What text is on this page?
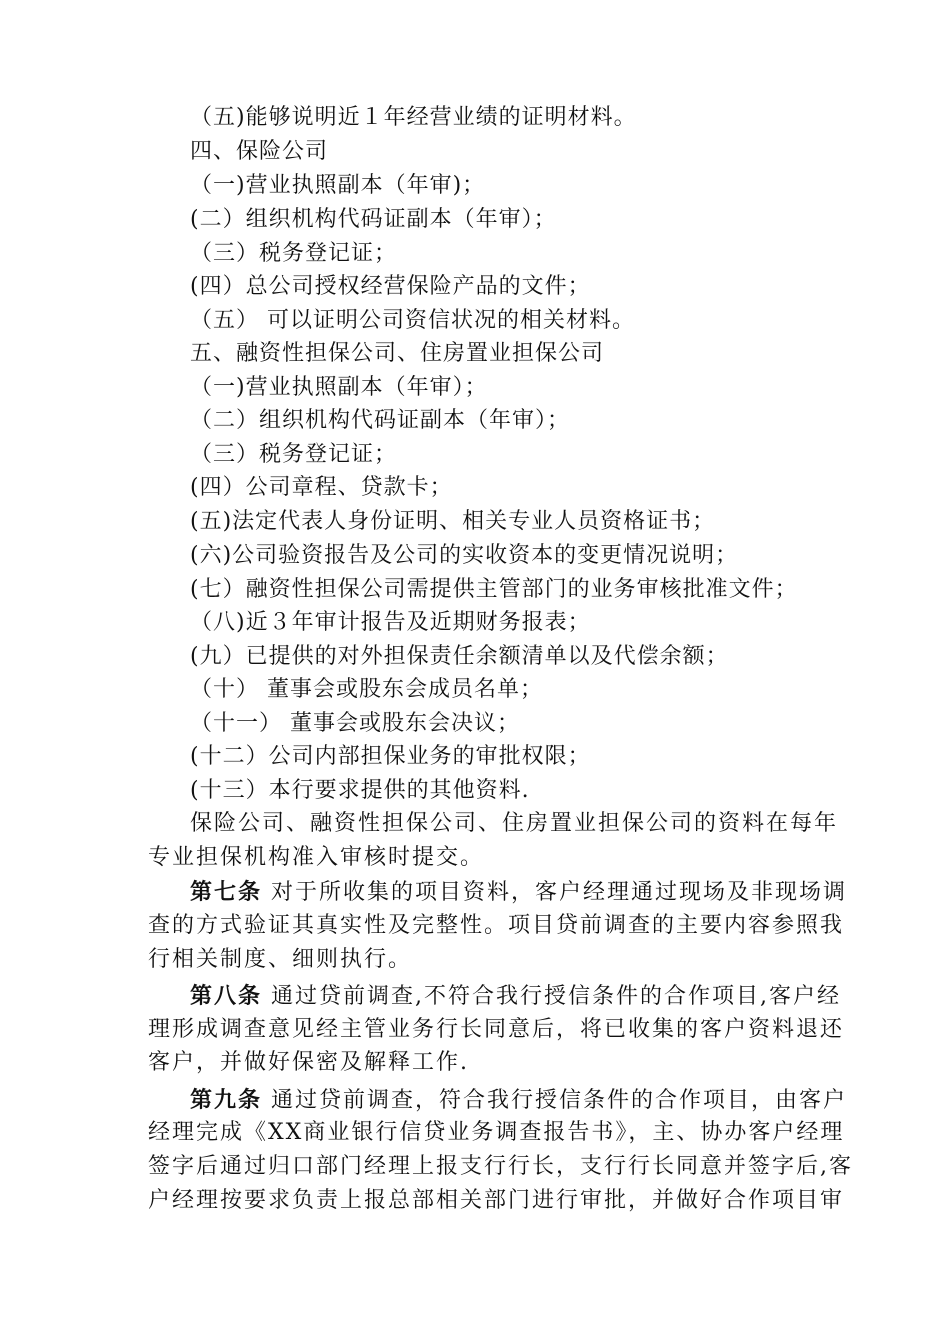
（五)能够说明近１年经营业绩的证明材料。
四、保险公司
（一)营业执照副本（年审)；
(二）组织机构代码证副本（年审）；
（三）税务登记证；
(四）总公司授权经营保险产品的文件；
（五） 可以证明公司资信状况的相关材料。
五、融资性担保公司、住房置业担保公司
（一)营业执照副本（年审）；
（二）组织机构代码证副本（年审）；
（三）税务登记证；
(四）公司章程、贷款卡；
(五)法定代表人身份证明、相关专业人员资格证书；
(六)公司验资报告及公司的实收资本的变更情况说明；
(七）融资性担保公司需提供主管部门的业务审核批准文件；
（八)近３年审计报告及近期财务报表；
(九）已提供的对外担保责任余额清单以及代偿余额；
（十） 董事会或股东会成员名单；
（十一） 董事会或股东会决议；
(十二）公司内部担保业务的审批权限；
(十三）本行要求提供的其他资料.
保险公司、融资性担保公司、住房置业担保公司的资料在每年
专业担保机构准入审核时提交。
第七条 对于所收集的项目资料，客户经理通过现场及非现场调
查的方式验证其真实性及完整性。项目贷前调查的主要内容参照我
行相关制度、细则执行。
第八条 通过贷前调查,不符合我行授信条件的合作项目,客户经
理形成调查意见经主管业务行长同意后，将已收集的客户资料退还
客户，并做好保密及解释工作.
第九条 通过贷前调查，符合我行授信条件的合作项目，由客户
经理完成《XX商业银行信贷业务调查报告书》，主、协办客户经理
签字后通过归口部门经理上报支行行长，支行行长同意并签字后,客
户经理按要求负责上报总部相关部门进行审批，并做好合作项目审
